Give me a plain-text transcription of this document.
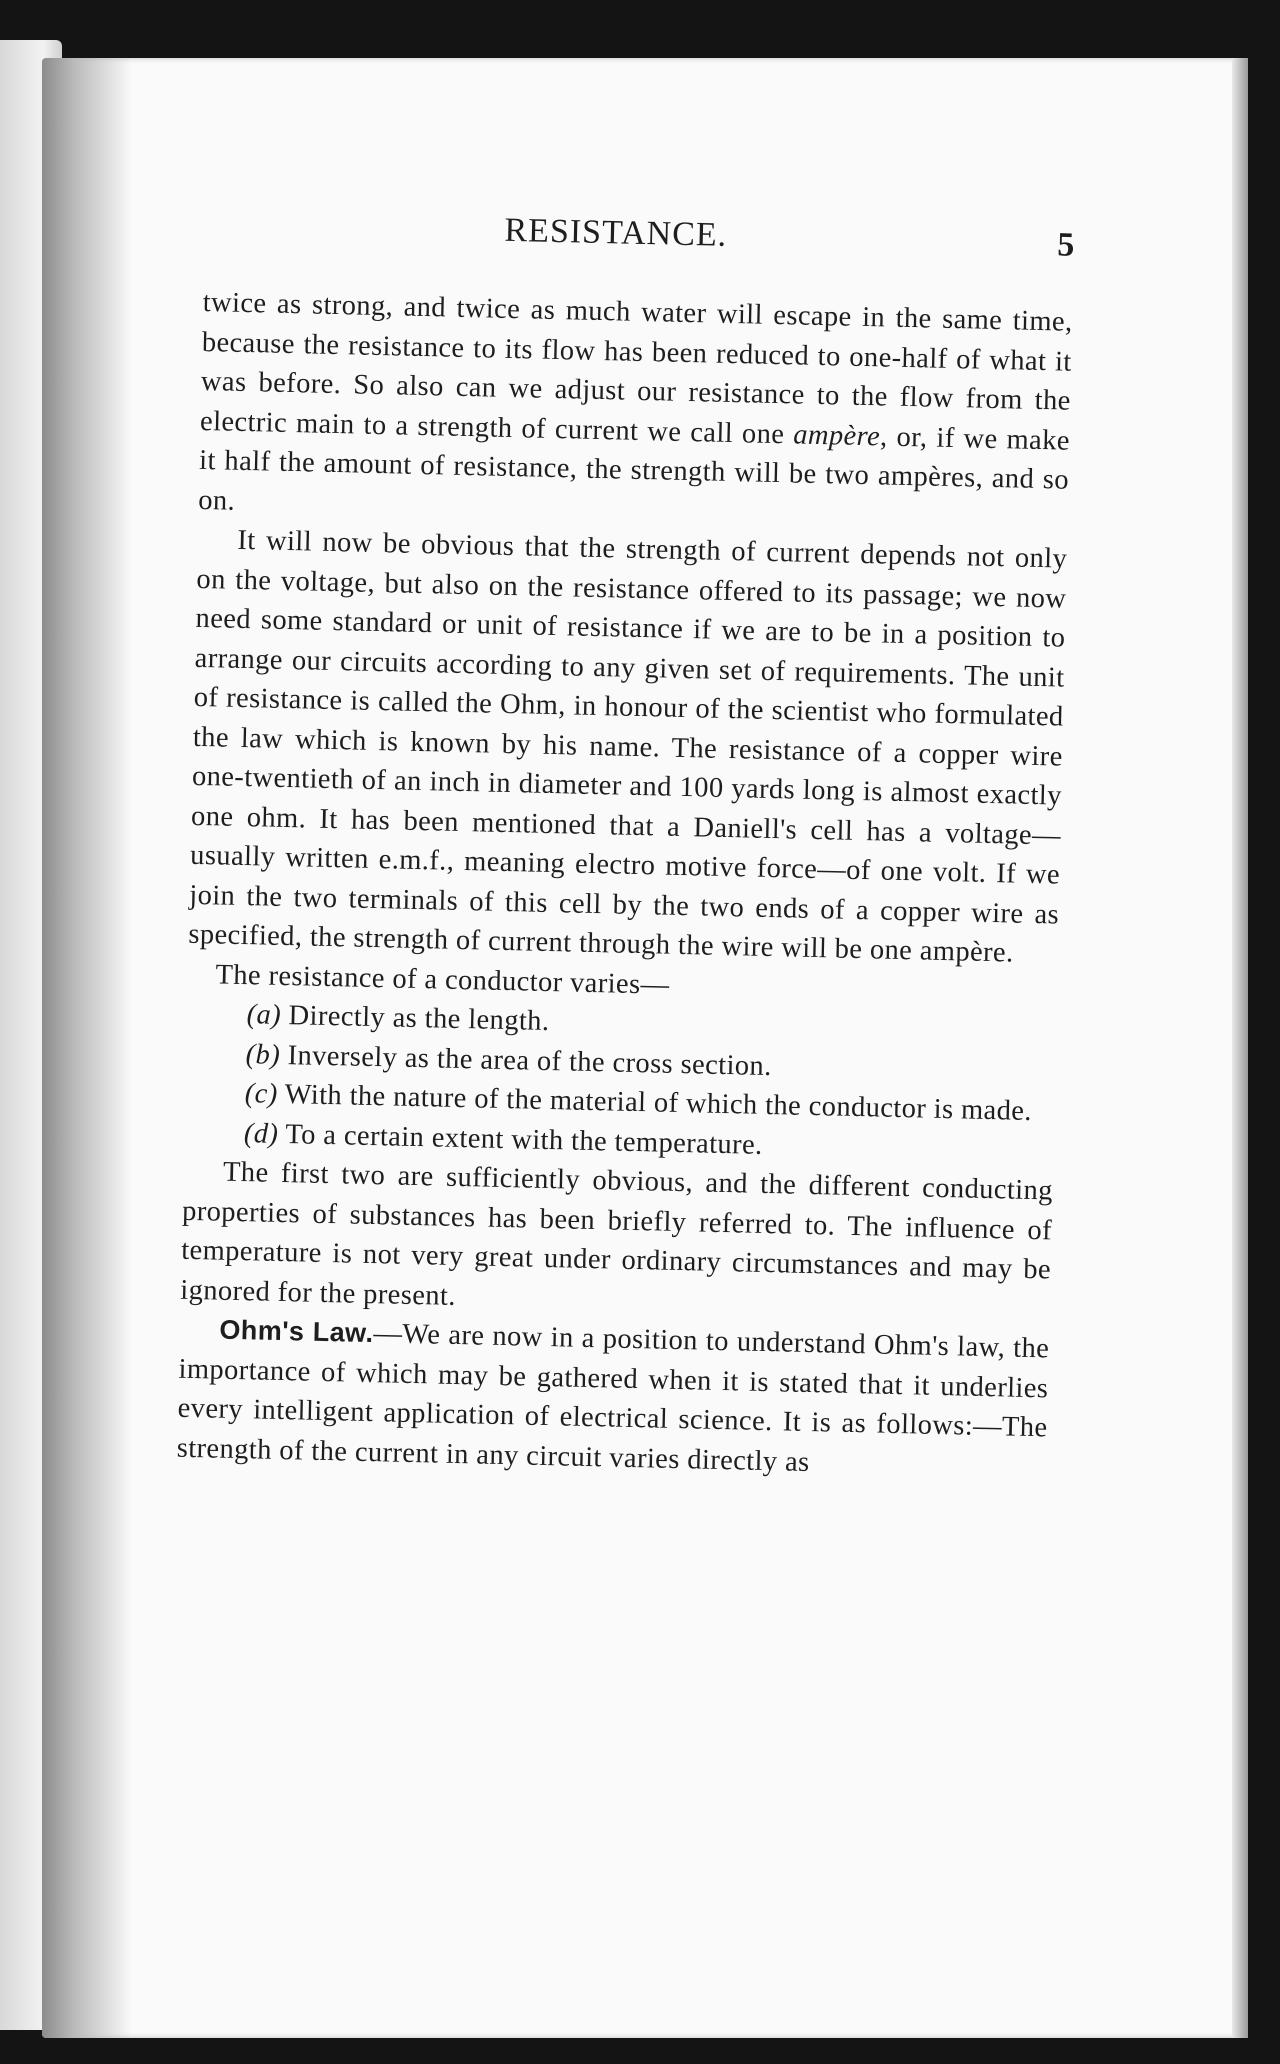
RESISTANCE.	5

twice as strong, and twice as much water will escape in the same time, because the resistance to its flow has been reduced to one-half of what it was before. So also can we adjust our resistance to the flow from the electric main to a strength of current we call one ampère, or, if we make it half the amount of resistance, the strength will be two ampères, and so on.

It will now be obvious that the strength of current depends not only on the voltage, but also on the resistance offered to its passage; we now need some standard or unit of resistance if we are to be in a position to arrange our circuits according to any given set of requirements. The unit of resistance is called the Ohm, in honour of the scientist who formulated the law which is known by his name. The resistance of a copper wire one-twentieth of an inch in diameter and 100 yards long is almost exactly one ohm. It has been mentioned that a Daniell's cell has a voltage—usually written e.m.f., meaning electro motive force—of one volt. If we join the two terminals of this cell by the two ends of a copper wire as specified, the strength of current through the wire will be one ampère.

The resistance of a conductor varies—

(a) Directly as the length.
(b) Inversely as the area of the cross section.
(c) With the nature of the material of which the conductor is made.
(d) To a certain extent with the temperature.

The first two are sufficiently obvious, and the different conducting properties of substances has been briefly referred to. The influence of temperature is not very great under ordinary circumstances and may be ignored for the present.

Ohm's Law.—We are now in a position to understand Ohm's law, the importance of which may be gathered when it is stated that it underlies every intelligent application of electrical science. It is as follows:—The strength of the current in any circuit varies directly as
